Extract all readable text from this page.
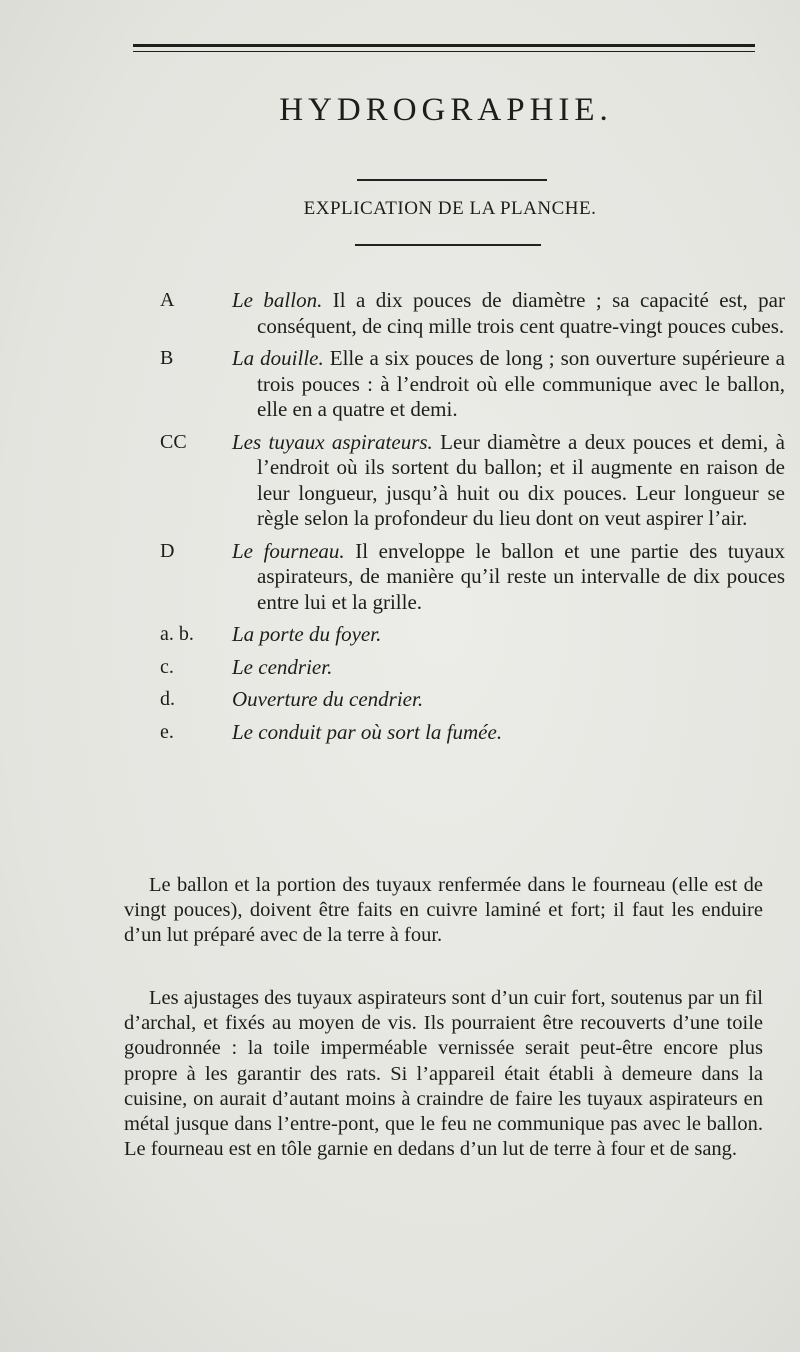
HYDROGRAPHIE.
EXPLICATION DE LA PLANCHE.
A	Le ballon. Il a dix pouces de diamètre ; sa capacité est, par conséquent, de cinq mille trois cent quatre-vingt pouces cubes.
B	La douille. Elle a six pouces de long ; son ouverture supérieure a trois pouces : à l’endroit où elle communique avec le ballon, elle en a quatre et demi.
CC Les tuyaux aspirateurs. Leur diamètre a deux pouces et demi, à l’endroit où ils sortent du ballon; et il augmente en raison de leur longueur, jusqu’à huit ou dix pouces. Leur longueur se règle selon la profondeur du lieu dont on veut aspirer l’air.
D	Le fourneau. Il enveloppe le ballon et une partie des tuyaux aspirateurs, de manière qu’il reste un intervalle de dix pouces entre lui et la grille.
a. b. La porte du foyer.
c.	Le cendrier.
d.	Ouverture du cendrier.
e.	Le conduit par où sort la fumée.

Le ballon et la portion des tuyaux renfermée dans le fourneau (elle est de vingt pouces), doivent être faits en cuivre laminé et fort; il faut les enduire d’un lut préparé avec de la terre à four.

Les ajustages des tuyaux aspirateurs sont d’un cuir fort, soutenus par un fil d’archal, et fixés au moyen de vis. Ils pourraient être recouverts d’une toile goudronnée : la toile imperméable vernissée serait peut-être encore plus propre à les garantir des rats. Si l’appareil était établi à demeure dans la cuisine, on aurait d’autant moins à craindre de faire les tuyaux aspirateurs en métal jusque dans l’entre-pont, que le feu ne communique pas avec le ballon. Le fourneau est en tôle garnie en dedans d’un lut de terre à four et de sang.
